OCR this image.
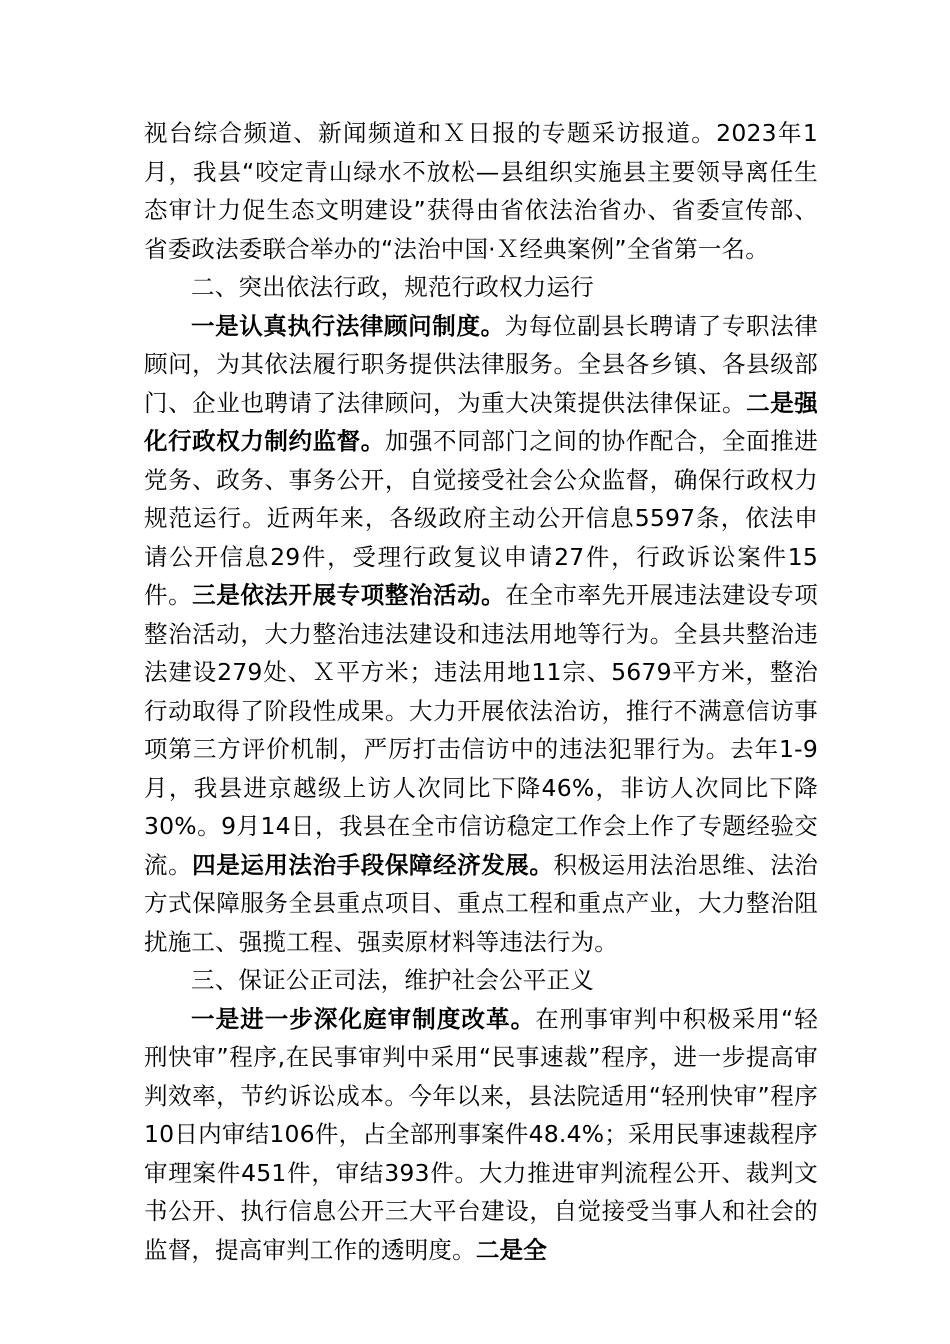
视台综合频道、新闻频道和Ｘ日报的专题采访报道。2023年1月，我县“咬定青山绿水不放松—县组织实施县主要领导离任生态审计力促生态文明建设”获得由省依法治省办、省委宣传部、省委政法委联合举办的“法治中国·Ｘ经典案例”全省第一名。

二、突出依法行政，规范行政权力运行

一是认真执行法律顾问制度。为每位副县长聘请了专职法律顾问，为其依法履行职务提供法律服务。全县各乡镇、各县级部门、企业也聘请了法律顾问，为重大决策提供法律保证。二是强化行政权力制约监督。加强不同部门之间的协作配合，全面推进党务、政务、事务公开，自觉接受社会公众监督，确保行政权力规范运行。近两年来，各级政府主动公开信息5597条，依法申请公开信息29件，受理行政复议申请27件，行政诉讼案件15件。三是依法开展专项整治活动。在全市率先开展违法建设专项整治活动，大力整治违法建设和违法用地等行为。全县共整治违法建设279处、Ｘ平方米；违法用地11宗、5679平方米，整治行动取得了阶段性成果。大力开展依法治访，推行不满意信访事项第三方评价机制，严厉打击信访中的违法犯罪行为。去年1-9月，我县进京越级上访人次同比下降46%，非访人次同比下降30%。9月14日，我县在全市信访稳定工作会上作了专题经验交流。四是运用法治手段保障经济发展。积极运用法治思维、法治方式保障服务全县重点项目、重点工程和重点产业，大力整治阻扰施工、强揽工程、强卖原材料等违法行为。

三、保证公正司法，维护社会公平正义

一是进一步深化庭审制度改革。在刑事审判中积极采用“轻刑快审”程序,在民事审判中采用“民事速裁”程序，进一步提高审判效率，节约诉讼成本。今年以来，县法院适用“轻刑快审”程序10日内审结106件，占全部刑事案件48.4%；采用民事速裁程序审理案件451件，审结393件。大力推进审判流程公开、裁判文书公开、执行信息公开三大平台建设，自觉接受当事人和社会的监督，提高审判工作的透明度。二是全
